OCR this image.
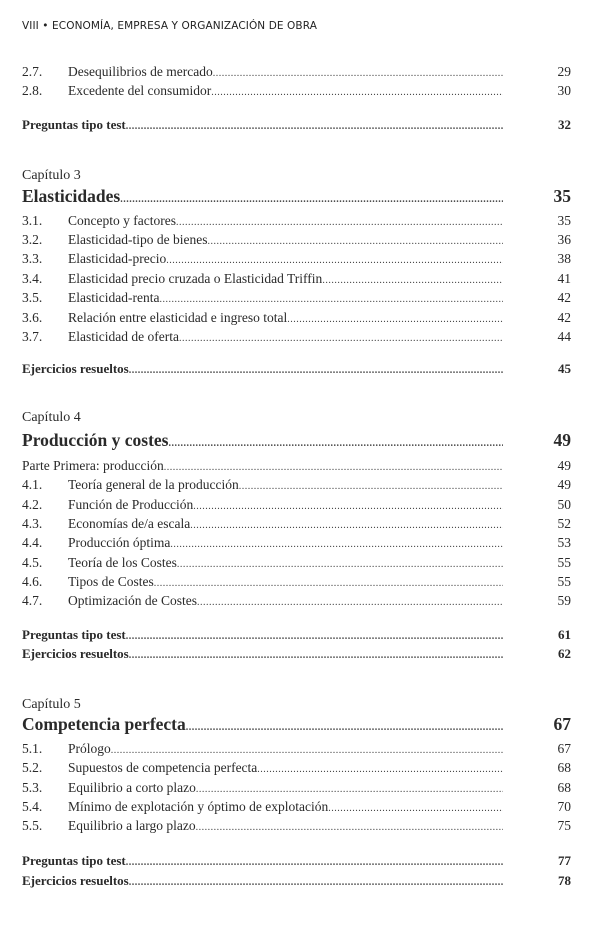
VIII • ECONOMÍA, EMPRESA Y ORGANIZACIÓN DE OBRA
2.7.	Desequilibrios de mercado .....	29
2.8.	Excedente del consumidor .....	30
Preguntas tipo test .....	32
Capítulo 3
Elasticidades .....	35
3.1.	Concepto y factores .....	35
3.2.	Elasticidad-tipo de bienes .....	36
3.3.	Elasticidad-precio .....	38
3.4.	Elasticidad precio cruzada o Elasticidad Triffin .....	41
3.5.	Elasticidad-renta .....	42
3.6.	Relación entre elasticidad e ingreso total .....	42
3.7.	Elasticidad de oferta .....	44
Ejercicios resueltos .....	45
Capítulo 4
Producción y costes .....	49
Parte Primera: producción .....	49
4.1.	Teoría general de la producción .....	49
4.2.	Función de Producción .....	50
4.3.	Economías de/a escala .....	52
4.4.	Producción óptima .....	53
4.5.	Teoría de los Costes .....	55
4.6.	Tipos de Costes .....	55
4.7.	Optimización de Costes .....	59
Preguntas tipo test .....	61
Ejercicios resueltos .....	62
Capítulo 5
Competencia perfecta .....	67
5.1.	Prólogo .....	67
5.2.	Supuestos de competencia perfecta .....	68
5.3.	Equilibrio a corto plazo .....	68
5.4.	Mínimo de explotación y óptimo de explotación .....	70
5.5.	Equilibrio a largo plazo .....	75
Preguntas tipo test .....	77
Ejercicios resueltos .....	78
